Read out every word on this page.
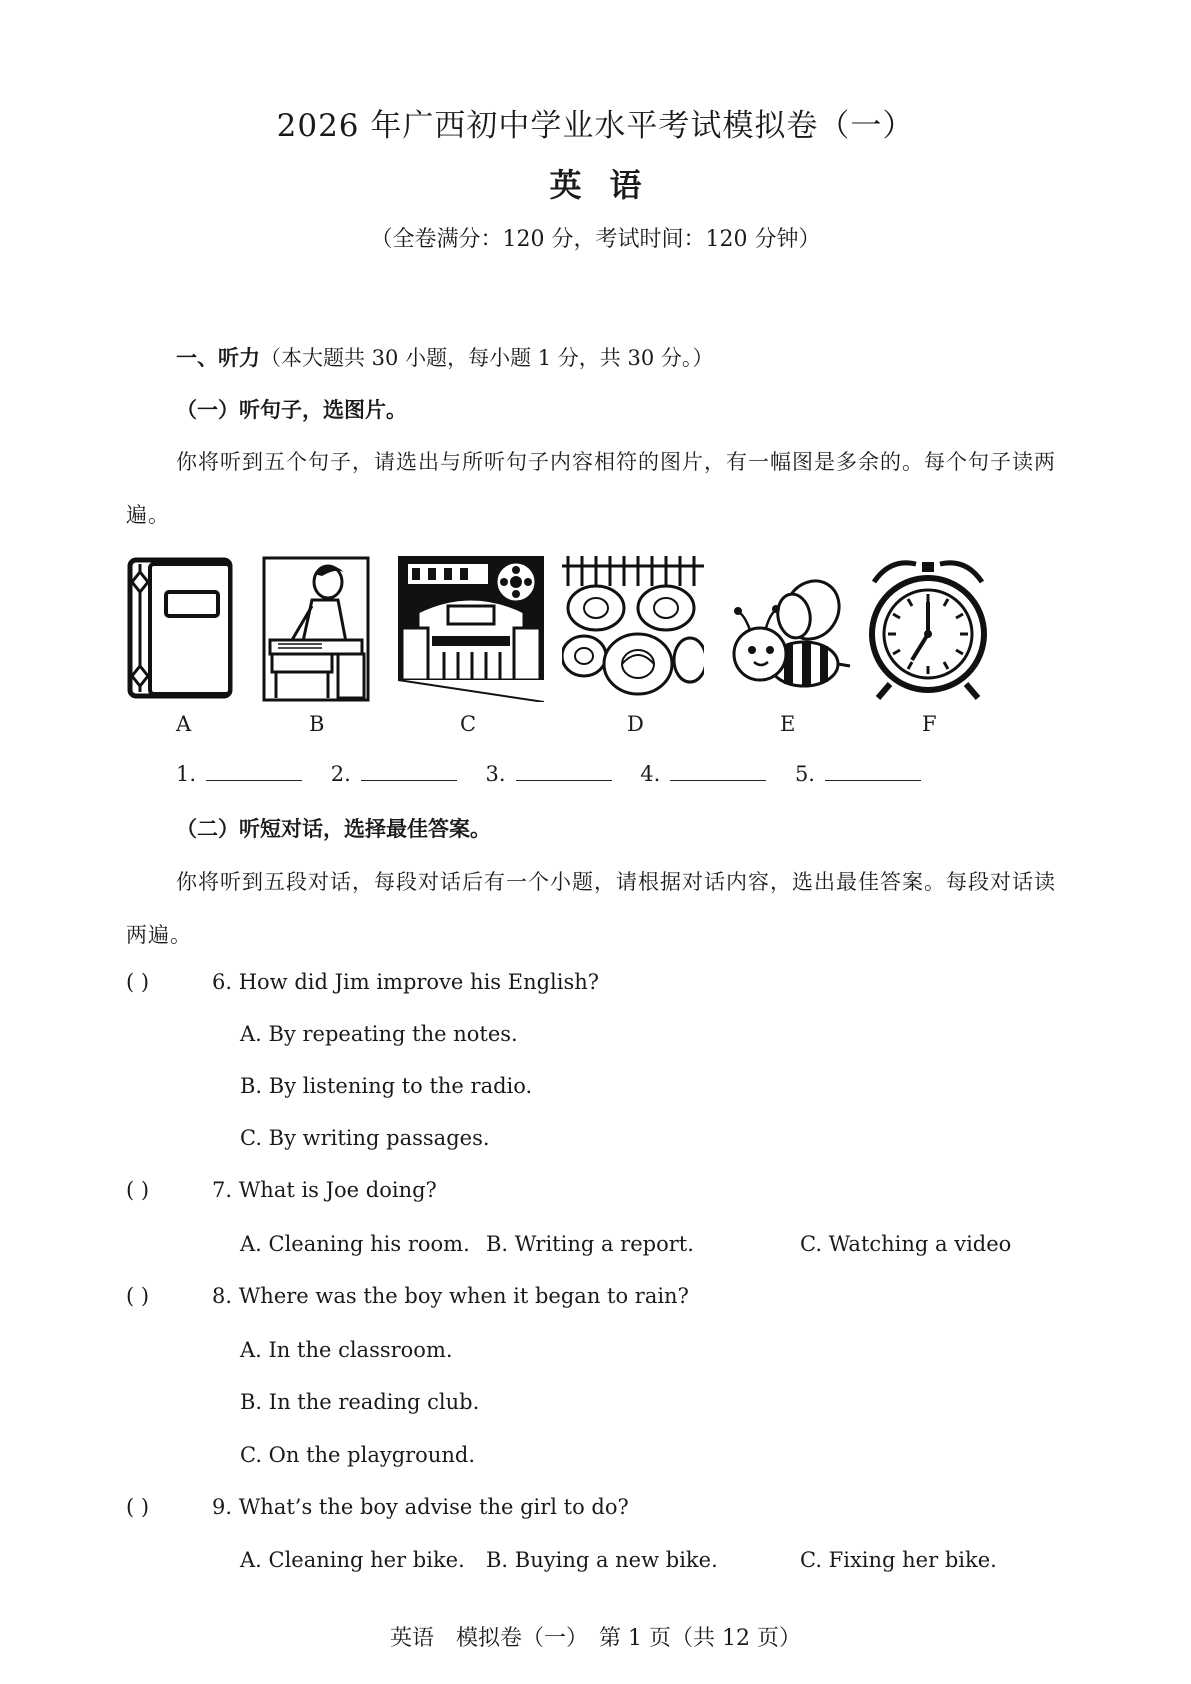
2026 年广西初中学业水平考试模拟卷（一）
英语
（全卷满分：120 分，考试时间：120 分钟）
一、听力（本大题共 30 小题，每小题 1 分，共 30 分。）
（一）听句子，选图片。
你将听到五个句子，请选出与所听句子内容相符的图片，有一幅图是多余的。每个句子读两遍。
A	B	C	D	E	F
1.	2.	3.	4.	5.
（二）听短对话，选择最佳答案。
你将听到五段对话，每段对话后有一个小题，请根据对话内容，选出最佳答案。每段对话读两遍。
( )	6. How did Jim improve his English?
A. By repeating the notes.
B. By listening to the radio.
C. By writing passages.
( )	7. What is Joe doing?
A. Cleaning his room. B. Writing a report.	C. Watching a video
( )	8. Where was the boy when it began to rain?
A. In the classroom.
B. In the reading club.
C. On the playground.
( )	9. What’s the boy advise the girl to do?
A. Cleaning her bike. B. Buying a new bike.	C. Fixing her bike.
英语　模拟卷（一）　第 1 页（共 12 页）
